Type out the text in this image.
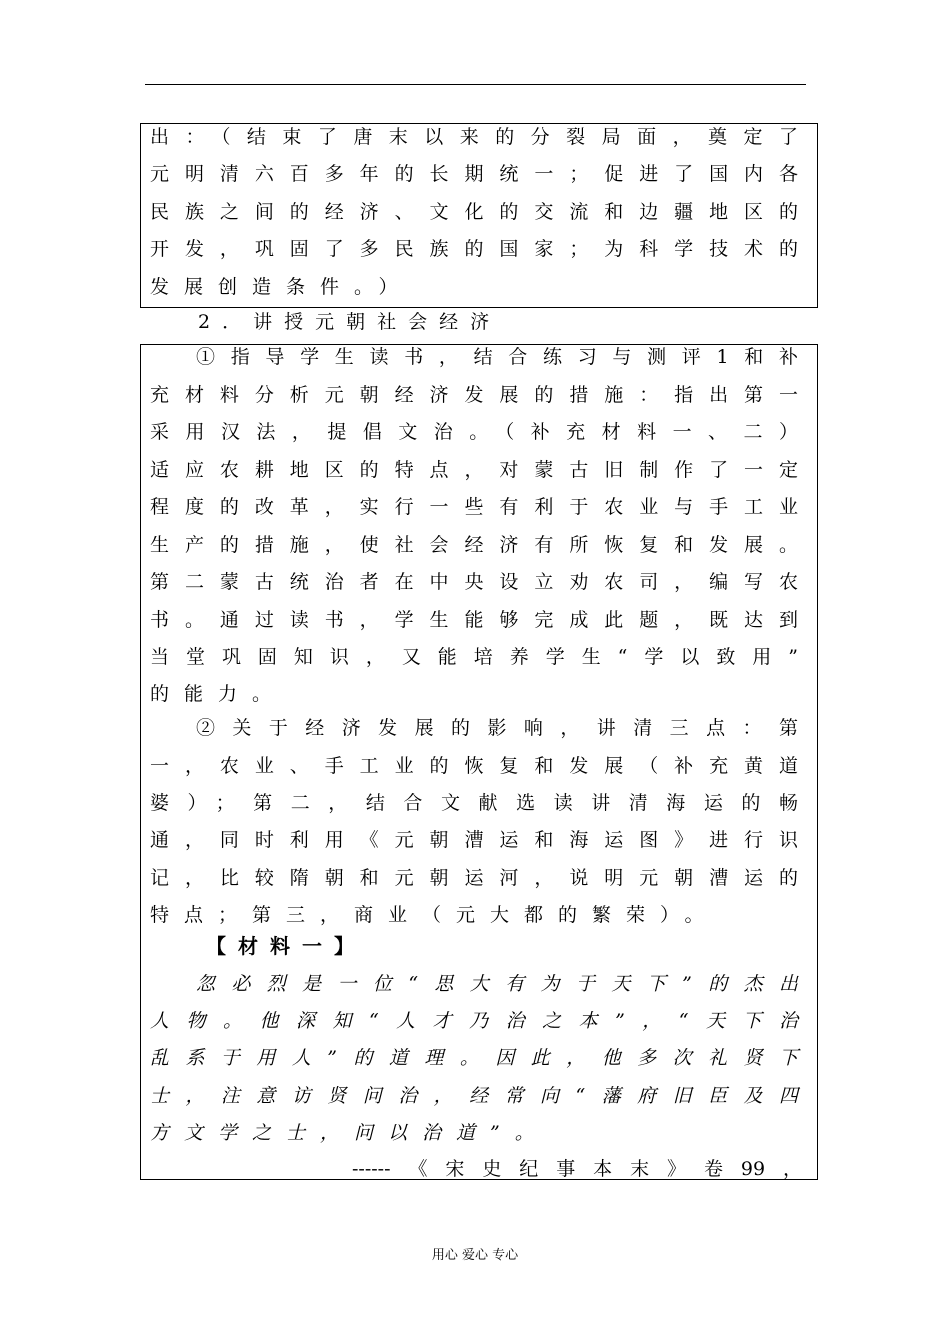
出：（结束了唐末以来的分裂局面，奠定了
元明清六百多年的长期统一；促进了国内各
民族之间的经济、文化的交流和边疆地区的
开发，巩固了多民族的国家；为科学技术的
发展创造条件。）
2．讲授元朝社会经济
①指导学生读书，结合练习与测评1和补
充材料分析元朝经济发展的措施：指出第一
采用汉法，提倡文治。（补充材料一、二）
适应农耕地区的特点，对蒙古旧制作了一定
程度的改革，实行一些有利于农业与手工业
生产的措施，使社会经济有所恢复和发展。
第二蒙古统治者在中央设立劝农司，编写农
书。通过读书，学生能够完成此题，既达到
当堂巩固知识，又能培养学生“学以致用”
的能力。
②关于经济发展的影响，讲清三点：第
一，农业、手工业的恢复和发展（补充黄道
婆）；第二，结合文献选读讲清海运的畅
通，同时利用《元朝漕运和海运图》进行识
记，比较隋朝和元朝运河，说明元朝漕运的
特点；第三，商业（元大都的繁荣）。
【材料一】
忽必烈是一位“思大有为于天下”的杰出
人物。他深知“人才乃治之本”，“天下治
乱系于用人”的道理。因此，他多次礼贤下
士，注意访贤问治，经常向“藩府旧臣及四
方文学之士，问以治道”。
------《宋史纪事本末》卷99，
用心 爱心 专心
